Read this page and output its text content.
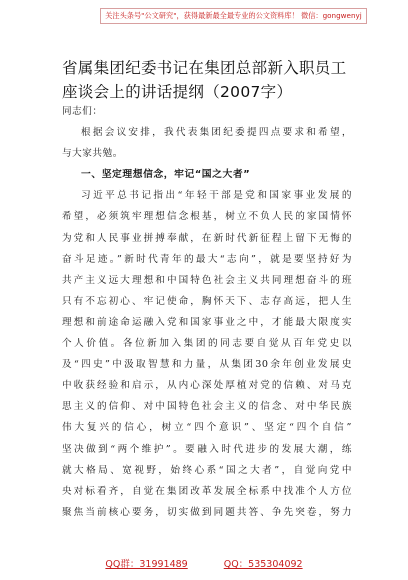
关注头条号"公文研究"，获得最新最全最专业的公文资料库！ 微信：gongwenyj
省属集团纪委书记在集团总部新入职员工
座谈会上的讲话提纲（2007字）
同志们：
根据会议安排，我代表集团纪委提四点要求和希望，
与大家共勉。
一、坚定理想信念，牢记“国之大者”
习近平总书记指出“年轻干部是党和国家事业发展的
希望，必须筑牢理想信念根基，树立不负人民的家国情怀
为党和人民事业拼搏奉献，在新时代新征程上留下无悔的
奋斗足迹。”新时代青年的最大“志向”，就是要坚持好为
共产主义远大理想和中国特色社会主义共同理想奋斗的班
只有不忘初心、牢记使命，胸怀天下、志存高远，把人生
理想和前途命运融入党和国家事业之中，才能最大限度实
个人价值。各位新加入集团的同志要自觉从百年党史以
及“四史”中汲取智慧和力量，从集团30余年创业发展史
中收获经验和启示，从内心深处厚植对党的信赖、对马克
思主义的信仰、对中国特色社会主义的信念、对中华民族
伟大复兴的信心，树立“四个意识”、坚定“四个自信”
坚决做到“两个维护”。要融入时代进步的发展大潮，练
就大格局、宽视野，始终心系“国之大者”，自觉向党中
央对标看齐，自觉在集团改革发展全标系中找准个人方位
聚焦当前核心要务，切实做到同题共答、争先突卷，努力
QQ群：31991489	QQ：535304092
